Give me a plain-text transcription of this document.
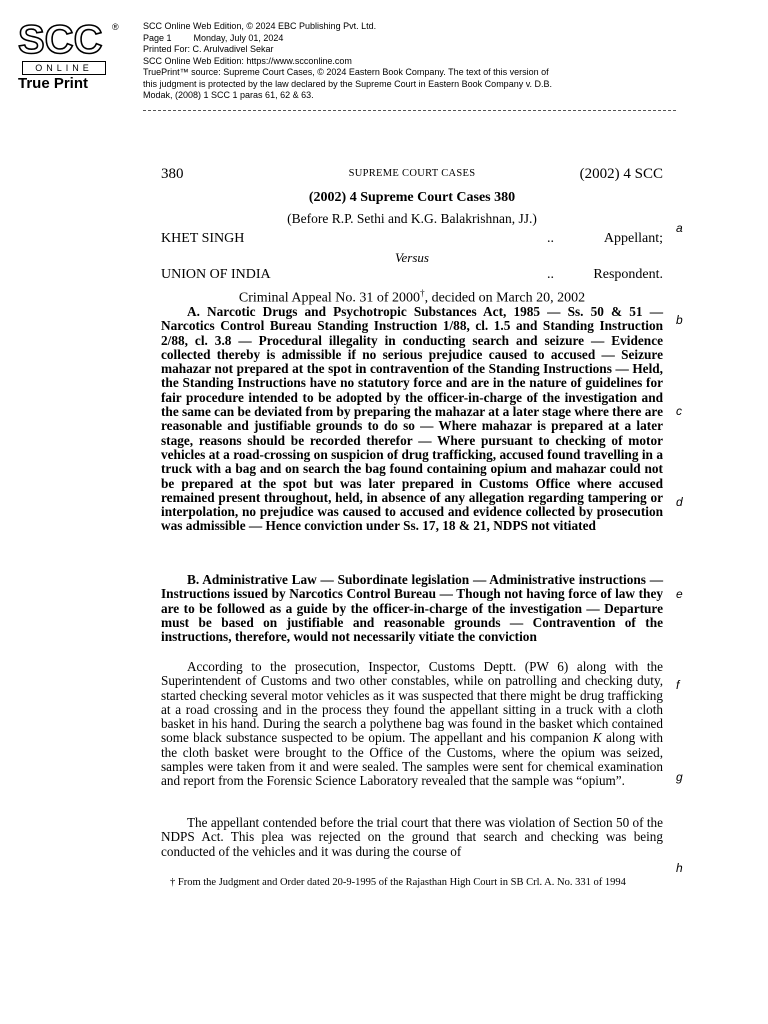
SCC	®
ONLINE
True Print
SCC Online Web Edition, © 2024 EBC Publishing Pvt. Ltd.
Page 1 Monday, July 01, 2024
Printed For: C. Arulvadivel Sekar
SCC Online Web Edition: https://www.scconline.com
TruePrint™ source: Supreme Court Cases, © 2024 Eastern Book Company. The text of this version of
this judgment is protected by the law declared by the Supreme Court in Eastern Book Company v. D.B.
Modak, (2008) 1 SCC 1 paras 61, 62 & 63.
380	SUPREME COURT CASES	(2002) 4 SCC
(2002) 4 Supreme Court Cases 380
(Before R.P. Sethi and K.G. Balakrishnan, JJ.)
KHET SINGH	..	Appellant;
Versus
UNION OF INDIA	..	Respondent.
Criminal Appeal No. 31 of 2000†, decided on March 20, 2002
A. Narcotic Drugs and Psychotropic Substances Act, 1985 — Ss. 50 & 51 — Narcotics Control Bureau Standing Instruction 1/88, cl. 1.5 and Standing Instruction 2/88, cl. 3.8 — Procedural illegality in conducting search and seizure — Evidence collected thereby is admissible if no serious prejudice caused to accused — Seizure mahazar not prepared at the spot in contravention of the Standing Instructions — Held, the Standing Instructions have no statutory force and are in the nature of guidelines for fair procedure intended to be adopted by the officer-in-charge of the investigation and the same can be deviated from by preparing the mahazar at a later stage where there are reasonable and justifiable grounds to do so — Where mahazar is prepared at a later stage, reasons should be recorded therefor — Where pursuant to checking of motor vehicles at a road-crossing on suspicion of drug trafficking, accused found travelling in a truck with a bag and on search the bag found containing opium and mahazar could not be prepared at the spot but was later prepared in Customs Office where accused remained present throughout, held, in absence of any allegation regarding tampering or interpolation, no prejudice was caused to accused and evidence collected by prosecution was admissible — Hence conviction under Ss. 17, 18 & 21, NDPS not vitiated
B. Administrative Law — Subordinate legislation — Administrative instructions — Instructions issued by Narcotics Control Bureau — Though not having force of law they are to be followed as a guide by the officer-in-charge of the investigation — Departure must be based on justifiable and reasonable grounds — Contravention of the instructions, therefore, would not necessarily vitiate the conviction
According to the prosecution, Inspector, Customs Deptt. (PW 6) along with the Superintendent of Customs and two other constables, while on patrolling and checking duty, started checking several motor vehicles as it was suspected that there might be drug trafficking at a road crossing and in the process they found the appellant sitting in a truck with a cloth basket in his hand. During the search a polythene bag was found in the basket which contained some black substance suspected to be opium. The appellant and his companion K along with the cloth basket were brought to the Office of the Customs, where the opium was seized, samples were taken from it and were sealed. The samples were sent for chemical examination and report from the Forensic Science Laboratory revealed that the sample was “opium”.
The appellant contended before the trial court that there was violation of Section 50 of the NDPS Act. This plea was rejected on the ground that search and checking was being conducted of the vehicles and it was during the course of
† From the Judgment and Order dated 20-9-1995 of the Rajasthan High Court in SB Crl. A. No. 331 of 1994
a
b
c
d
e
f
g
h
